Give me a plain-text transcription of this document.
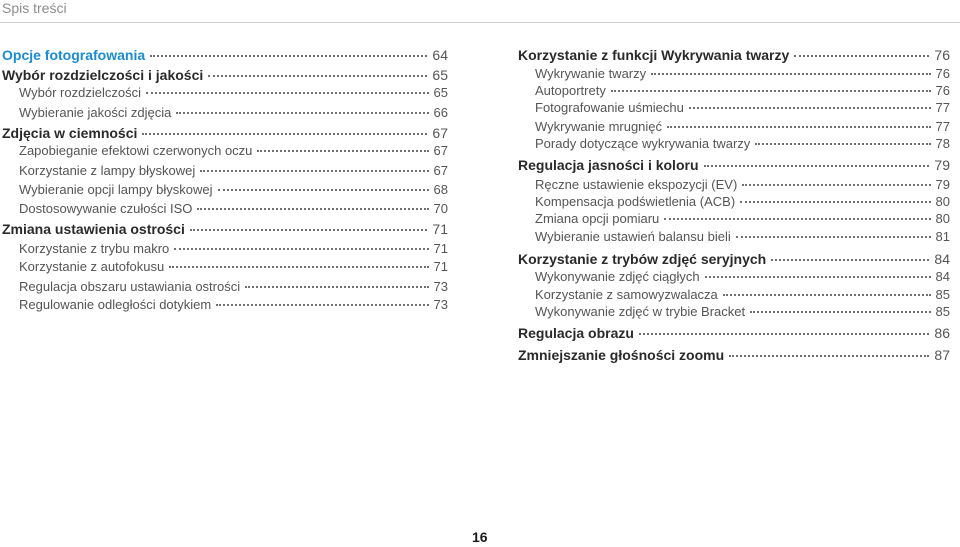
Spis treści
Opcje fotografowania	64
Wybór rozdzielczości i jakości	65
Wybór rozdzielczości	65
Wybieranie jakości zdjęcia	66
Zdjęcia w ciemności	67
Zapobieganie efektowi czerwonych oczu	67
Korzystanie z lampy błyskowej	67
Wybieranie opcji lampy błyskowej	68
Dostosowywanie czułości ISO	70
Zmiana ustawienia ostrości	71
Korzystanie z trybu makro	71
Korzystanie z autofokusu	71
Regulacja obszaru ustawiania ostrości	73
Regulowanie odległości dotykiem	73
Korzystanie z funkcji Wykrywania twarzy	76
Wykrywanie twarzy	76
Autoportrety	76
Fotografowanie uśmiechu	77
Wykrywanie mrugnięć	77
Porady dotyczące wykrywania twarzy	78
Regulacja jasności i koloru	79
Ręczne ustawienie ekspozycji (EV)	79
Kompensacja podświetlenia (ACB)	80
Zmiana opcji pomiaru	80
Wybieranie ustawień balansu bieli	81
Korzystanie z trybów zdjęć seryjnych	84
Wykonywanie zdjęć ciągłych	84
Korzystanie z samowyzwalacza	85
Wykonywanie zdjęć w trybie Bracket	85
Regulacja obrazu	86
Zmniejszanie głośności zoomu	87
16
